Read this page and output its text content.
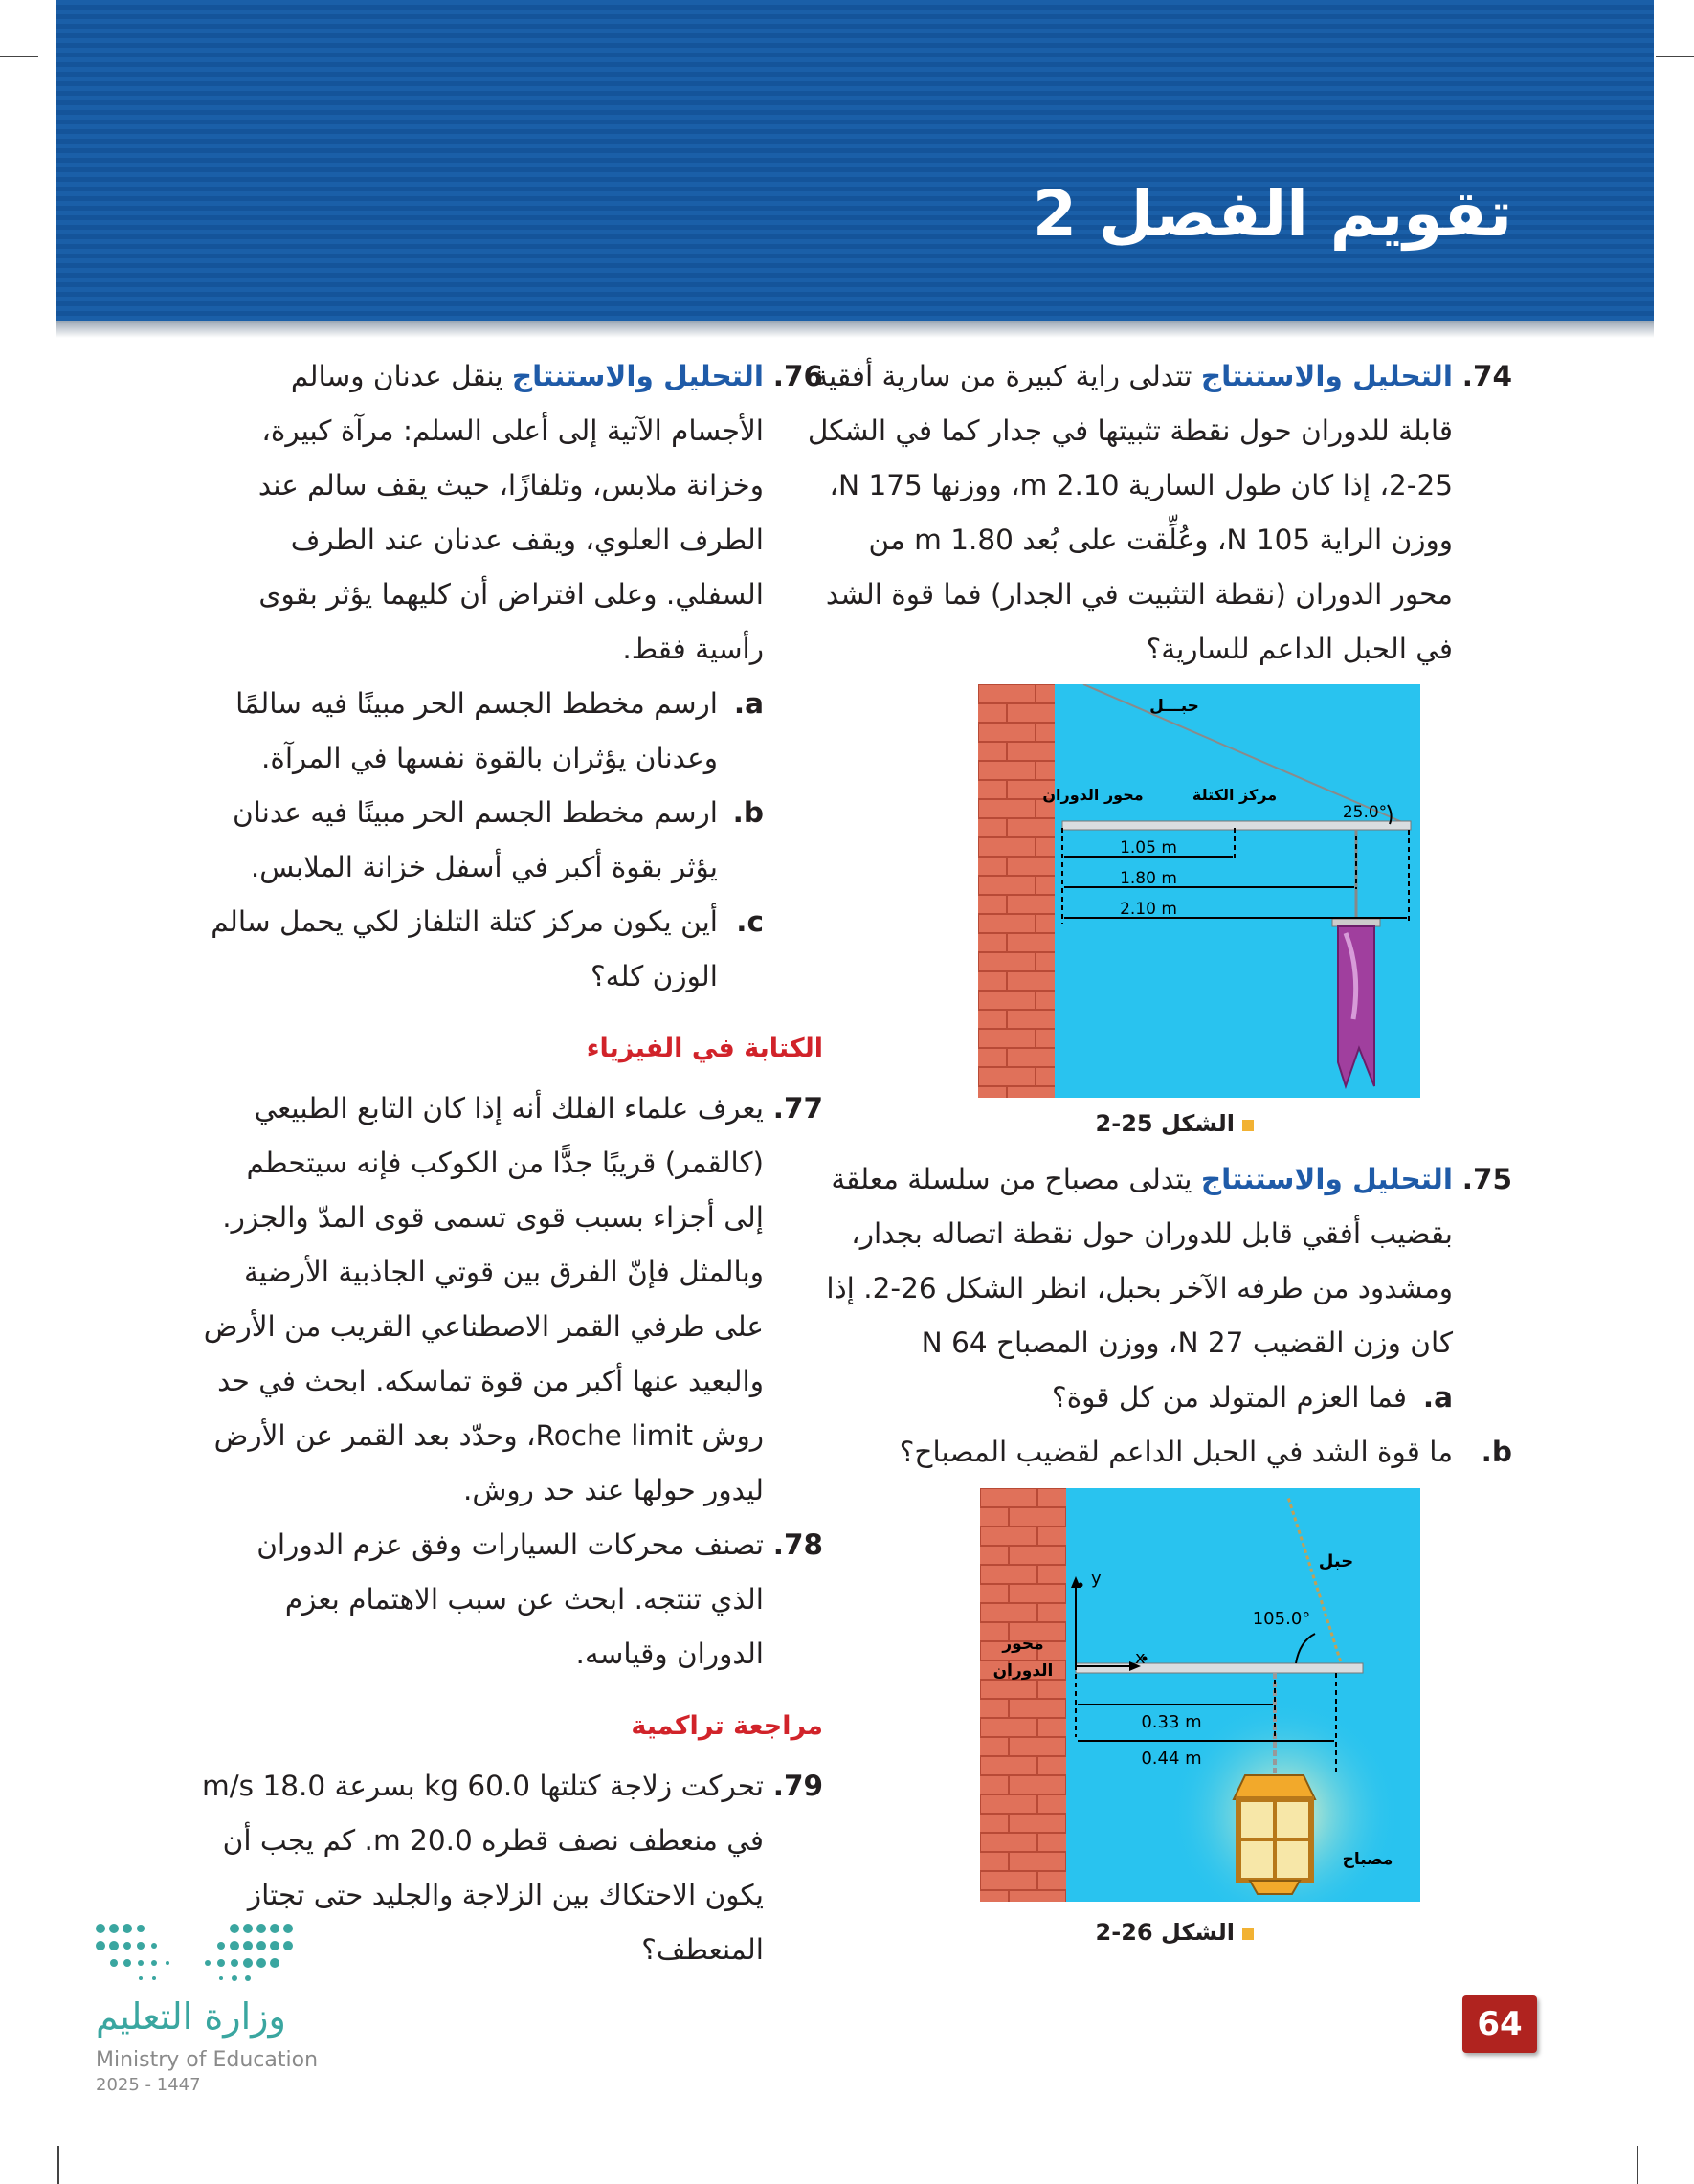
تقويم الفصل 2
74.
التحليل والاستنتاج تتدلى راية كبيرة من سارية أفقية قابلة للدوران حول نقطة تثبيتها في جدار كما في الشكل 25-2، إذا كان طول السارية 2.10 m، ووزنها 175 N، ووزن الراية 105 N، وعُلِّقت على بُعد 1.80 m من محور الدوران (نقطة التثبيت في الجدار) فما قوة الشد في الحبل الداعم للسارية؟
حبـــل
محور الدوران	مركز الكتلة
25.0°
1.05 m
1.80 m
2.10 m
الشكل 25-2
75.
التحليل والاستنتاج يتدلى مصباح من سلسلة معلقة بقضيب أفقي قابل للدوران حول نقطة اتصاله بجدار، ومشدود من طرفه الآخر بحبل، انظر الشكل 26-2. إذا كان وزن القضيب 27 N، ووزن المصباح 64 N
a.
فما العزم المتولد من كل قوة؟
b.
ما قوة الشد في الحبل الداعم لقضيب المصباح؟
y
x
حبل
105.0°
محور
الدوران
0.33 m
0.44 m
مصباح
الشكل 26-2
76.
التحليل والاستنتاج ينقل عدنان وسالم الأجسام الآتية إلى أعلى السلم: مرآة كبيرة، وخزانة ملابس، وتلفازًا، حيث يقف سالم عند الطرف العلوي، ويقف عدنان عند الطرف السفلي. وعلى افتراض أن كليهما يؤثر بقوى رأسية فقط.
a.
ارسم مخطط الجسم الحر مبينًا فيه سالمًا وعدنان يؤثران بالقوة نفسها في المرآة.
b.
ارسم مخطط الجسم الحر مبينًا فيه عدنان يؤثر بقوة أكبر في أسفل خزانة الملابس.
c.
أين يكون مركز كتلة التلفاز لكي يحمل سالم الوزن كله؟
الكتابة في الفيزياء
77.
يعرف علماء الفلك أنه إذا كان التابع الطبيعي (كالقمر) قريبًا جدًّا من الكوكب فإنه سيتحطم إلى أجزاء بسبب قوى تسمى قوى المدّ والجزر. وبالمثل فإنّ الفرق بين قوتي الجاذبية الأرضية على طرفي القمر الاصطناعي القريب من الأرض والبعيد عنها أكبر من قوة تماسكه. ابحث في حد روش Roche limit، وحدّد بعد القمر عن الأرض ليدور حولها عند حد روش.
78.
تصنف محركات السيارات وفق عزم الدوران الذي تنتجه. ابحث عن سبب الاهتمام بعزم الدوران وقياسه.
مراجعة تراكمية
79.
تحركت زلاجة كتلتها 60.0 kg بسرعة 18.0 m/s في منعطف نصف قطره 20.0 m. كم يجب أن يكون الاحتكاك بين الزلاجة والجليد حتى تجتاز المنعطف؟
وزارة التعليم
Ministry of Education
2025 - 1447
64
